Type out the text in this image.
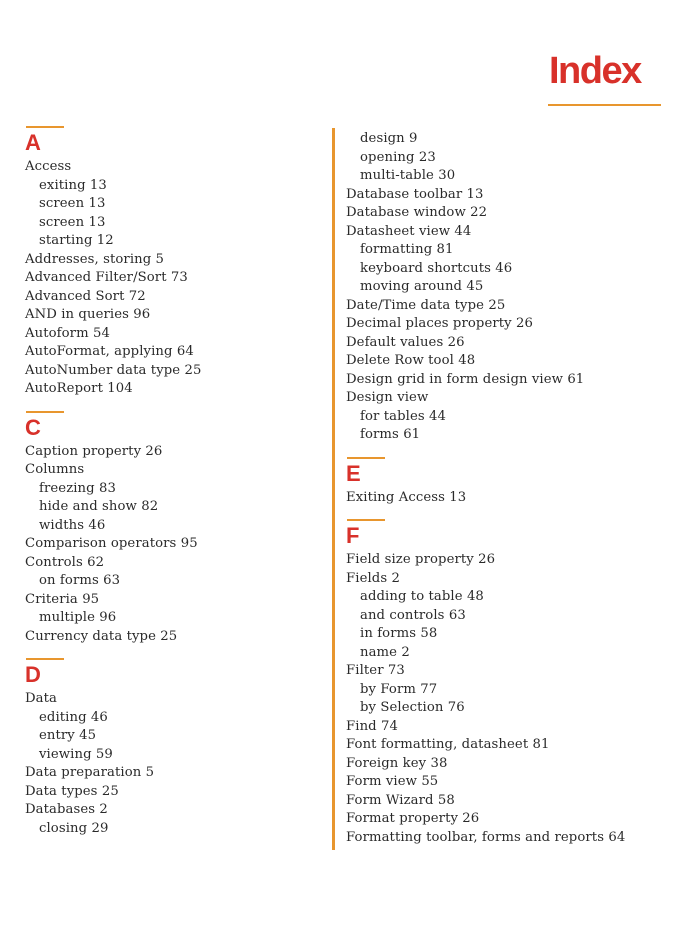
Index
A
Access
exiting 13
screen 13
screen 13
starting 12
Addresses, storing 5
Advanced Filter/Sort 73
Advanced Sort 72
AND in queries 96
Autoform 54
AutoFormat, applying 64
AutoNumber data type 25
AutoReport 104
C
Caption property 26
Columns
freezing 83
hide and show 82
widths 46
Comparison operators 95
Controls 62
on forms 63
Criteria 95
multiple 96
Currency data type 25
D
Data
editing 46
entry 45
viewing 59
Data preparation 5
Data types 25
Databases 2
closing 29
design 9
opening 23
multi-table 30
Database toolbar 13
Database window 22
Datasheet view 44
formatting 81
keyboard shortcuts 46
moving around 45
Date/Time data type 25
Decimal places property 26
Default values 26
Delete Row tool 48
Design grid in form design view 61
Design view
for tables 44
forms 61
E
Exiting Access 13
F
Field size property 26
Fields 2
adding to table 48
and controls 63
in forms 58
name 2
Filter 73
by Form 77
by Selection 76
Find 74
Font formatting, datasheet 81
Foreign key 38
Form view 55
Form Wizard 58
Format property 26
Formatting toolbar, forms and reports 64
